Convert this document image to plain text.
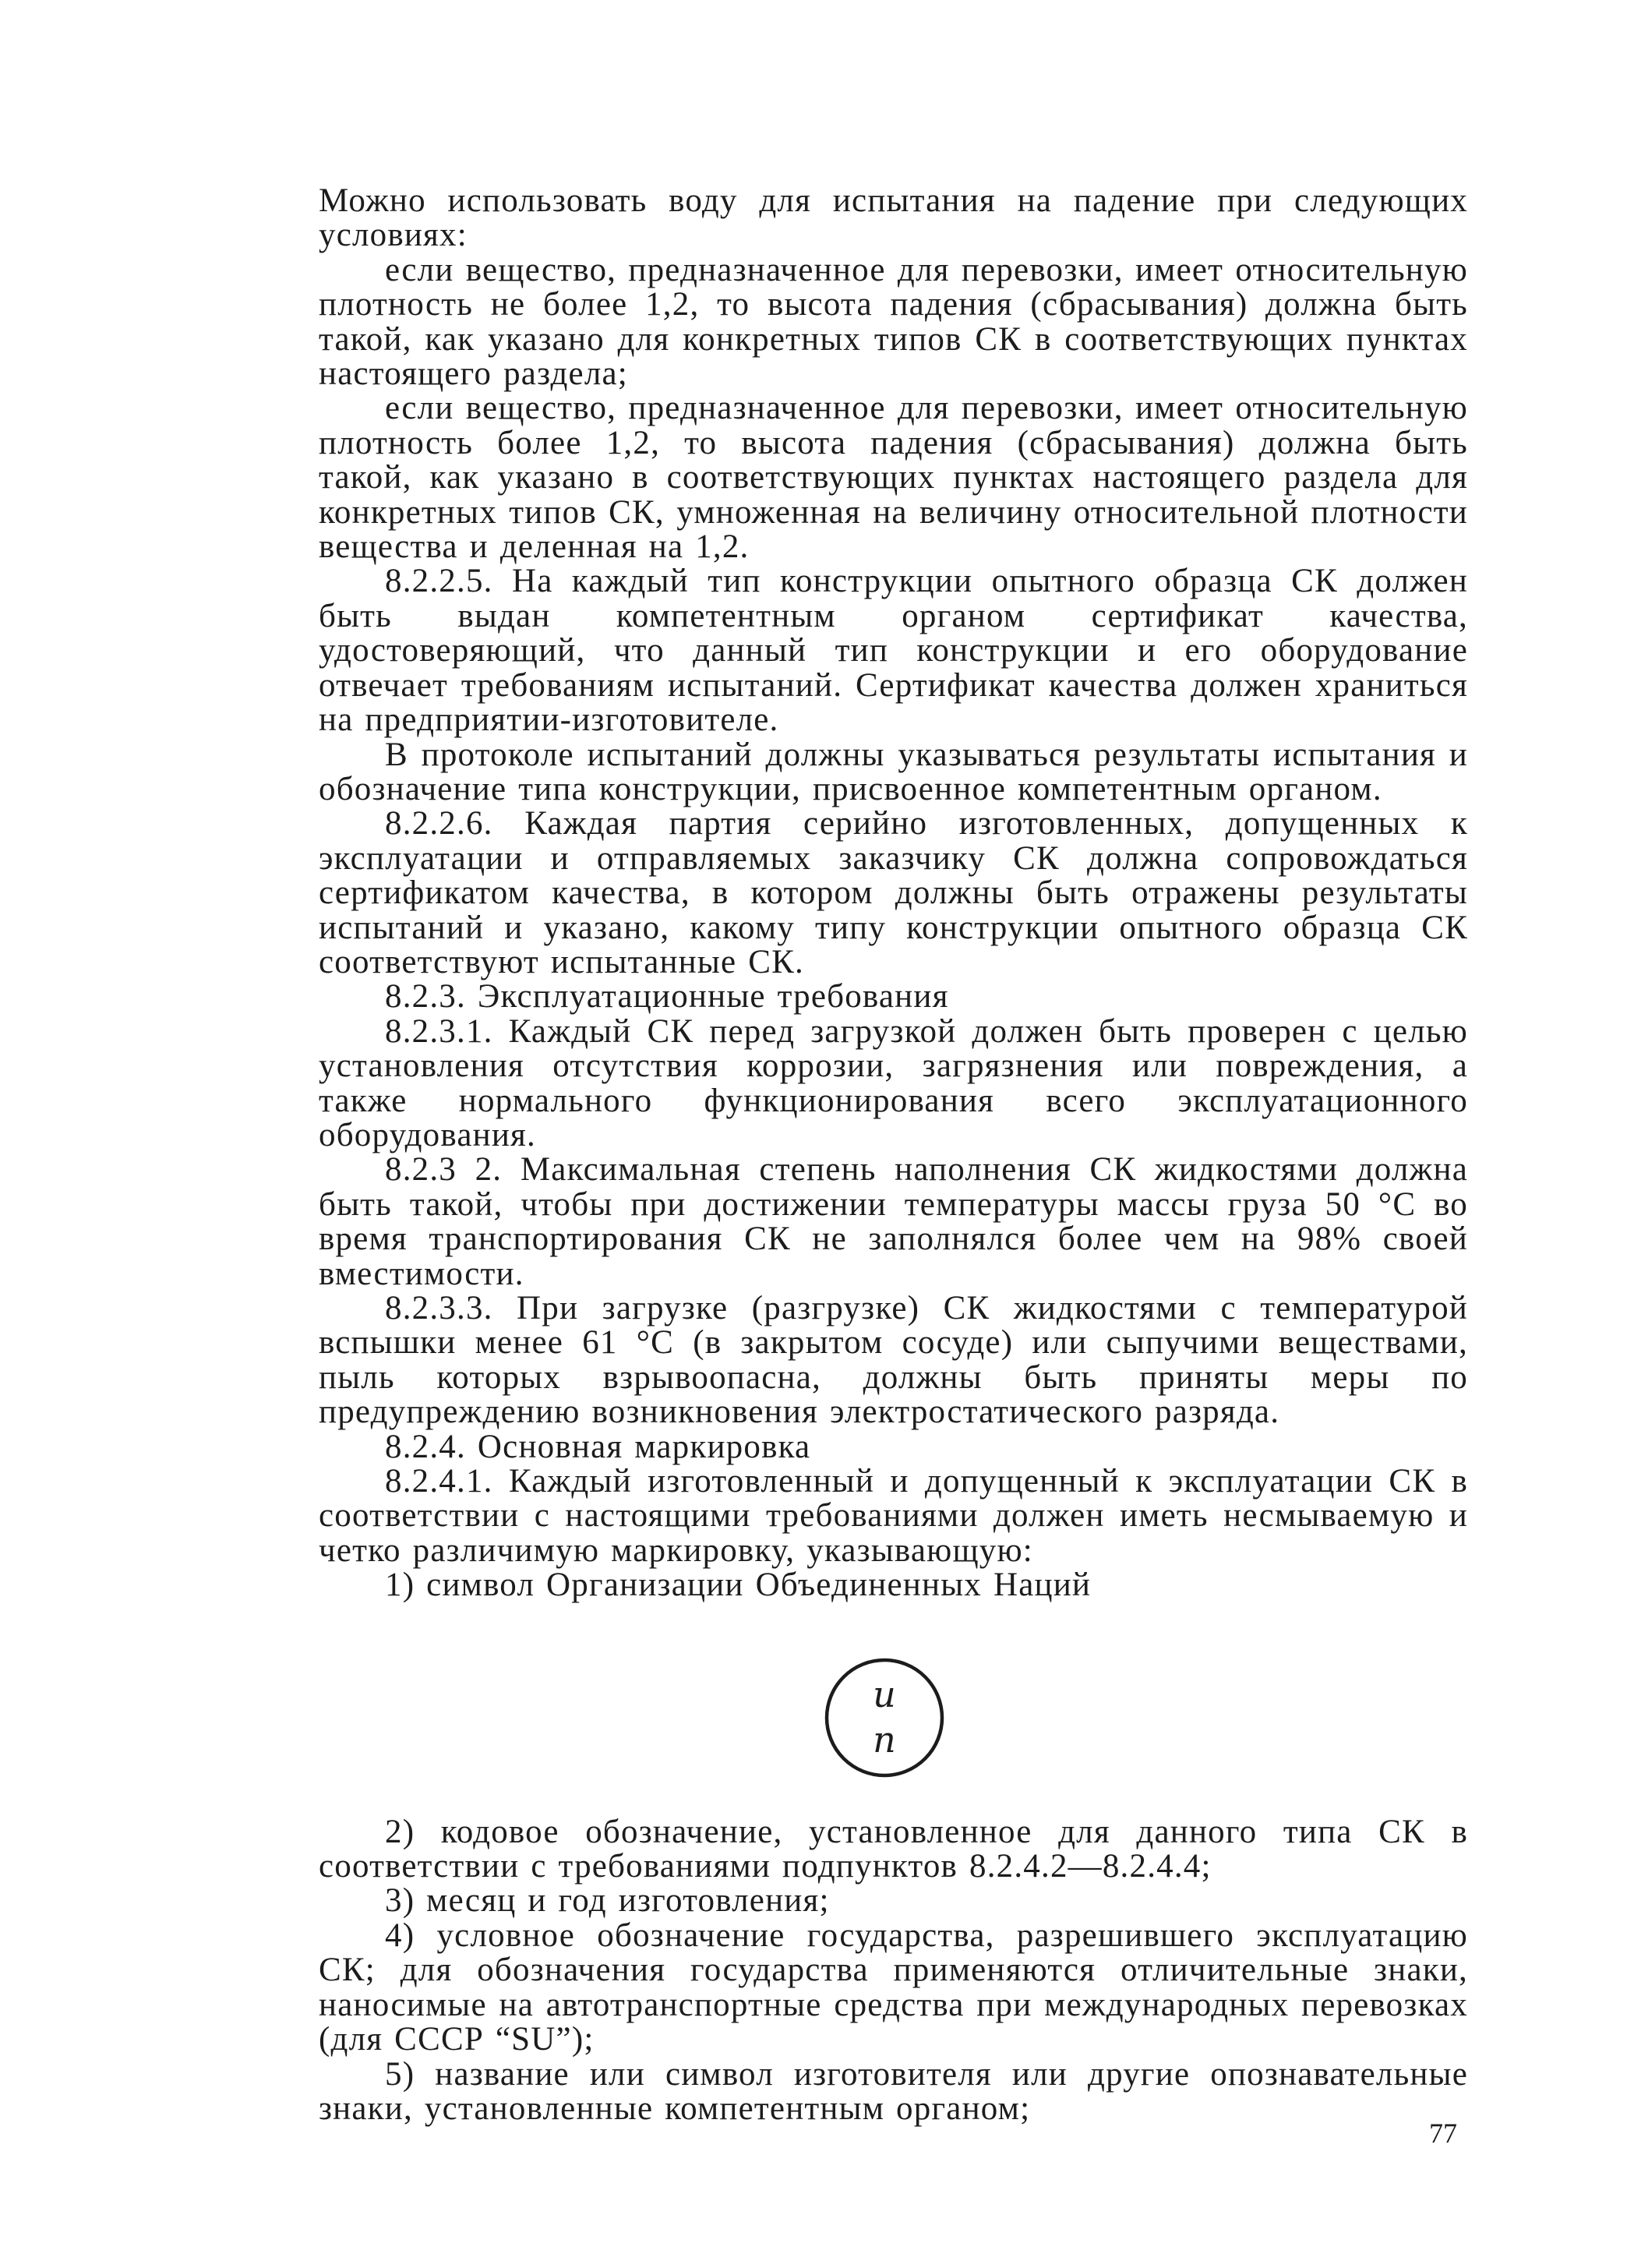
Можно использовать воду для испытания на падение при следующих условиях:

если вещество, предназначенное для перевозки, имеет относительную плотность не более 1,2, то высота падения (сбрасывания) должна быть такой, как указано для конкретных типов СК в соответствующих пунктах настоящего раздела;

если вещество, предназначенное для перевозки, имеет относительную плотность более 1,2, то высота падения (сбрасывания) должна быть такой, как указано в соответствующих пунктах настоящего раздела для конкретных типов СК, умноженная на величину относительной плотности вещества и деленная на 1,2.

8.2.2.5. На каждый тип конструкции опытного образца СК должен быть выдан компетентным органом сертификат качества, удостоверяющий, что данный тип конструкции и его оборудование отвечает требованиям испытаний. Сертификат качества должен храниться на предприятии-изготовителе.

В протоколе испытаний должны указываться результаты испытания и обозначение типа конструкции, присвоенное компетентным органом.

8.2.2.6. Каждая партия серийно изготовленных, допущенных к эксплуатации и отправляемых заказчику СК должна сопровождаться сертификатом качества, в котором должны быть отражены результаты испытаний и указано, какому типу конструкции опытного образца СК соответствуют испытанные СК.

8.2.3. Эксплуатационные требования

8.2.3.1. Каждый СК перед загрузкой должен быть проверен с целью установления отсутствия коррозии, загрязнения или повреждения, а также нормального функционирования всего эксплуатационного оборудования.

8.2.3 2. Максимальная степень наполнения СК жидкостями должна быть такой, чтобы при достижении температуры массы груза 50 °С во время транспортирования СК не заполнялся более чем на 98% своей вместимости.

8.2.3.3. При загрузке (разгрузке) СК жидкостями с температурой вспышки менее 61 °С (в закрытом сосуде) или сыпучими веществами, пыль которых взрывоопасна, должны быть приняты меры по предупреждению возникновения электростатического разряда.

8.2.4. Основная маркировка

8.2.4.1. Каждый изготовленный и допущенный к эксплуатации СК в соответствии с настоящими требованиями должен иметь несмываемую и четко различимую маркировку, указывающую:

1) символ Организации Объединенных Наций

u
n

2) кодовое обозначение, установленное для данного типа СК в соответствии с требованиями подпунктов 8.2.4.2—8.2.4.4;

3) месяц и год изготовления;

4) условное обозначение государства, разрешившего эксплуатацию СК; для обозначения государства применяются отличительные знаки, наносимые на автотранспортные средства при международных перевозках (для СССР “SU”);

5) название или символ изготовителя или другие опознавательные знаки, установленные компетентным органом;

77
